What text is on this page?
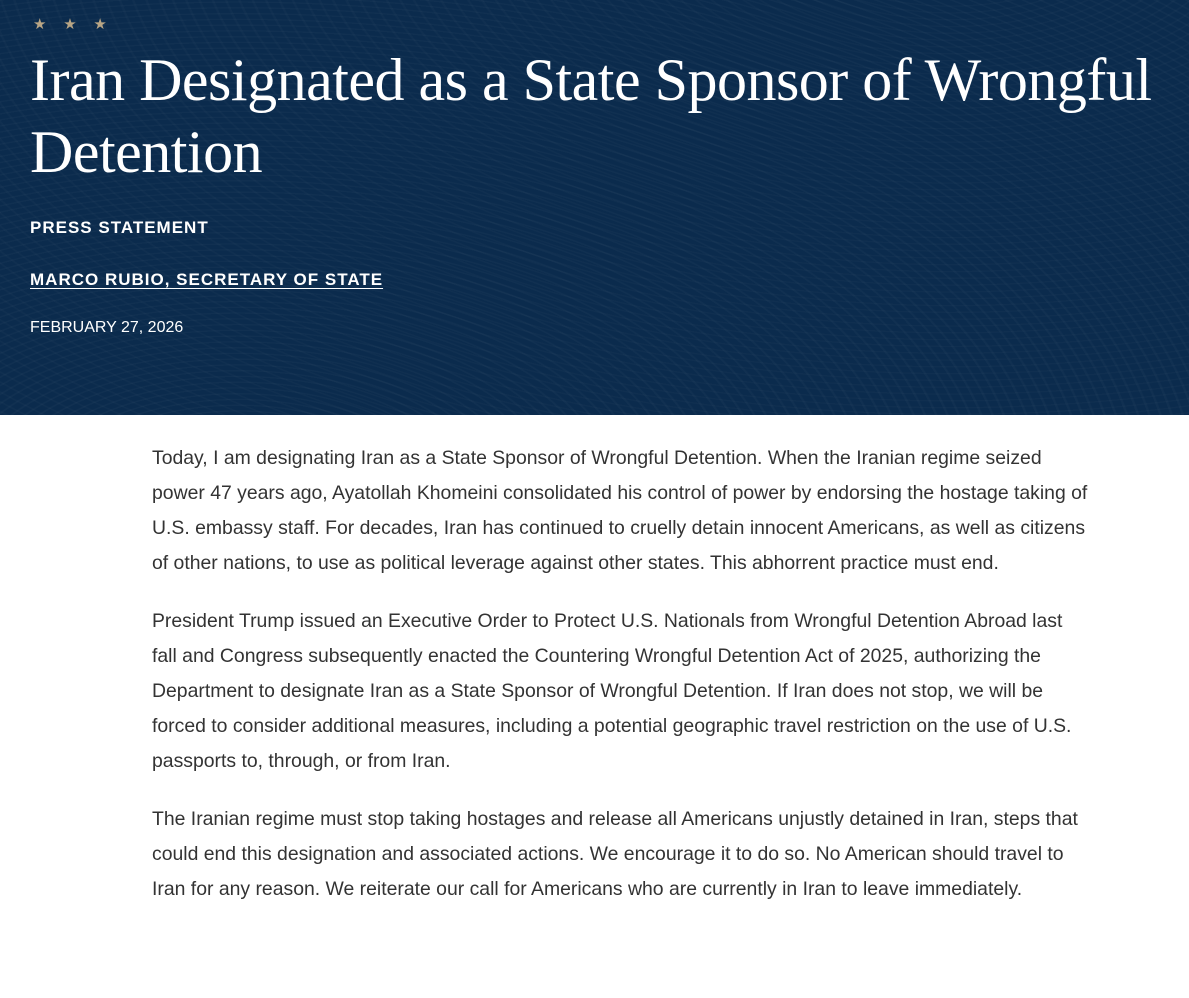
★ ★ ★
Iran Designated as a State Sponsor of Wrongful Detention
PRESS STATEMENT
MARCO RUBIO, SECRETARY OF STATE
FEBRUARY 27, 2026

Today, I am designating Iran as a State Sponsor of Wrongful Detention. When the Iranian regime seized power 47 years ago, Ayatollah Khomeini consolidated his control of power by endorsing the hostage taking of U.S. embassy staff. For decades, Iran has continued to cruelly detain innocent Americans, as well as citizens of other nations, to use as political leverage against other states. This abhorrent practice must end.

President Trump issued an Executive Order to Protect U.S. Nationals from Wrongful Detention Abroad last fall and Congress subsequently enacted the Countering Wrongful Detention Act of 2025, authorizing the Department to designate Iran as a State Sponsor of Wrongful Detention. If Iran does not stop, we will be forced to consider additional measures, including a potential geographic travel restriction on the use of U.S. passports to, through, or from Iran.

The Iranian regime must stop taking hostages and release all Americans unjustly detained in Iran, steps that could end this designation and associated actions. We encourage it to do so. No American should travel to Iran for any reason. We reiterate our call for Americans who are currently in Iran to leave immediately.
